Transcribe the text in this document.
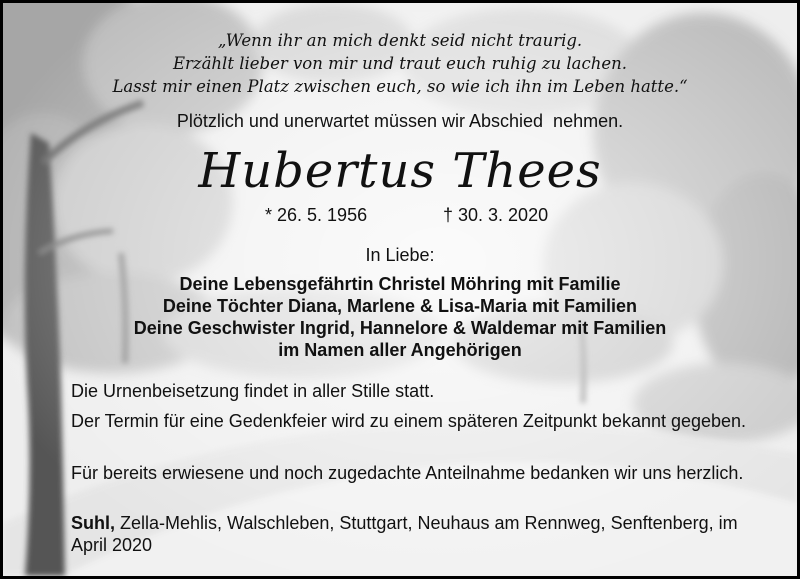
„Wenn ihr an mich denkt seid nicht traurig.
Erzählt lieber von mir und traut euch ruhig zu lachen.
Lasst mir einen Platz zwischen euch, so wie ich ihn im Leben hatte.“
Plötzlich und unerwartet müssen wir Abschied  nehmen.
Hubertus Thees
* 26. 5. 1956	† 30. 3. 2020
In Liebe:
Deine Lebensgefährtin Christel Möhring mit Familie
Deine Töchter Diana, Marlene & Lisa-Maria mit Familien
Deine Geschwister Ingrid, Hannelore & Waldemar mit Familien
im Namen aller Angehörigen
Die Urnenbeisetzung findet in aller Stille statt.
Der Termin für eine Gedenkfeier wird zu einem späteren Zeitpunkt bekannt gegeben.
Für bereits erwiesene und noch zugedachte Anteilnahme bedanken wir uns herzlich.
Suhl, Zella-Mehlis, Walschleben, Stuttgart, Neuhaus am Rennweg, Senftenberg, im April 2020
